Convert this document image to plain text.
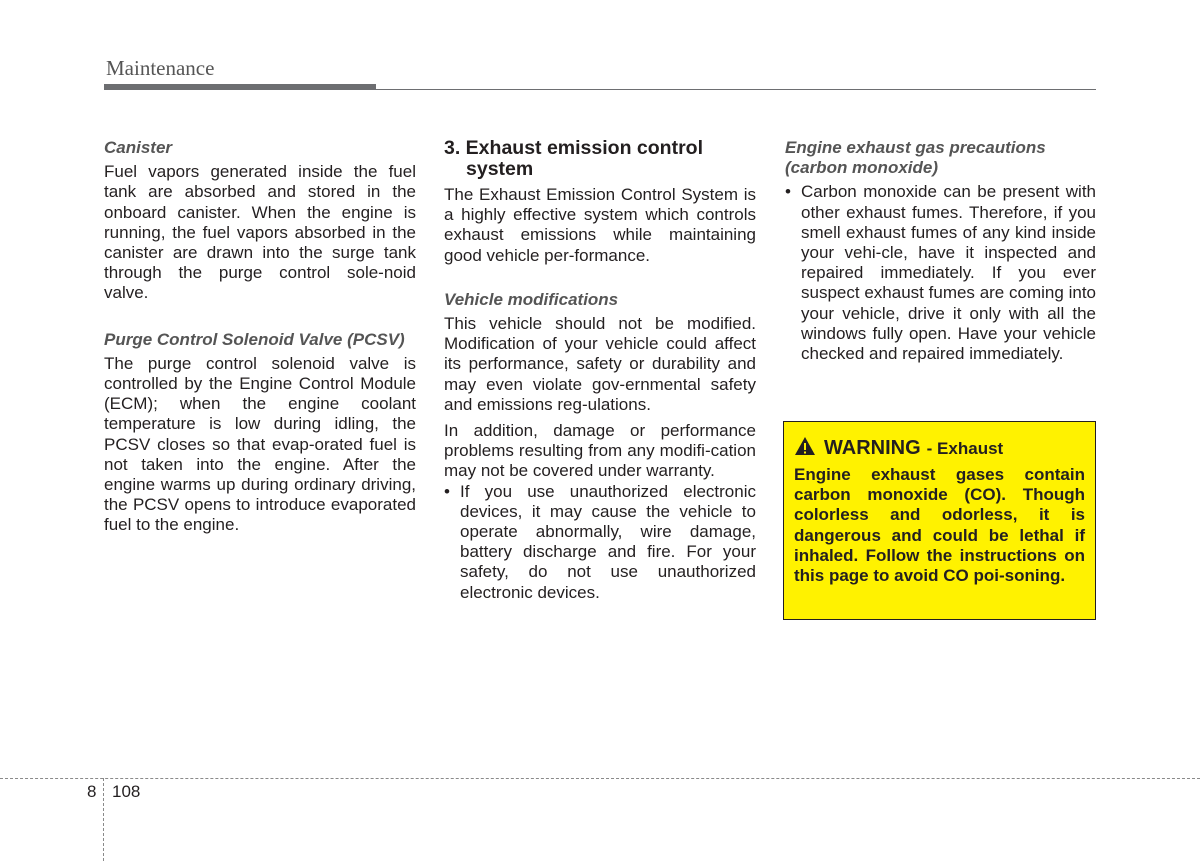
Maintenance

Canister

Fuel vapors generated inside the fuel tank are absorbed and stored in the onboard canister. When the engine is running, the fuel vapors absorbed in the canister are drawn into the surge tank through the purge control sole-noid valve.

Purge Control Solenoid Valve (PCSV)

The purge control solenoid valve is controlled by the Engine Control Module (ECM); when the engine coolant temperature is low during idling, the PCSV closes so that evap-orated fuel is not taken into the engine. After the engine warms up during ordinary driving, the PCSV opens to introduce evaporated fuel to the engine.

3. Exhaust emission control system

The Exhaust Emission Control System is a highly effective system which controls exhaust emissions while maintaining good vehicle per-formance.

Vehicle modifications

This vehicle should not be modified. Modification of your vehicle could affect its performance, safety or durability and may even violate gov-ernmental safety and emissions reg-ulations.

In addition, damage or performance problems resulting from any modifi-cation may not be covered under warranty.

• If you use unauthorized electronic devices, it may cause the vehicle to operate abnormally, wire damage, battery discharge and fire. For your safety, do not use unauthorized electronic devices.

Engine exhaust gas precautions (carbon monoxide)

• Carbon monoxide can be present with other exhaust fumes. Therefore, if you smell exhaust fumes of any kind inside your vehi-cle, have it inspected and repaired immediately. If you ever suspect exhaust fumes are coming into your vehicle, drive it only with all the windows fully open. Have your vehicle checked and repaired immediately.
WARNING - Exhaust

Engine exhaust gases contain carbon monoxide (CO). Though colorless and odorless, it is dangerous and could be lethal if inhaled. Follow the instructions on this page to avoid CO poi-soning.

8 108
